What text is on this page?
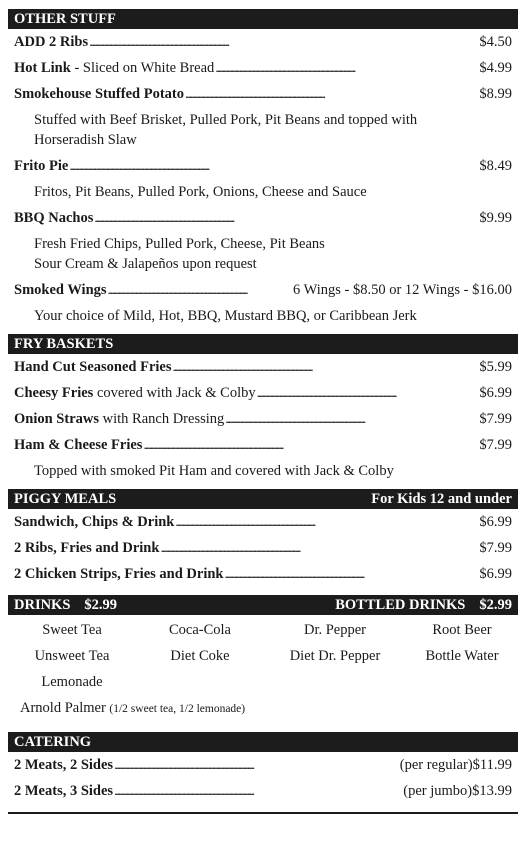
OTHER STUFF
ADD 2 Ribs . . .	$4.50
Hot Link - Sliced on White Bread . . .	$4.99
Smokehouse Stuffed Potato . . .	$8.99
Stuffed with Beef Brisket, Pulled Pork, Pit Beans and topped with
Horseradish Slaw
Frito Pie . . .	$8.49
Fritos, Pit Beans, Pulled Pork, Onions, Cheese and Sauce
BBQ Nachos . . .	$9.99
Fresh Fried Chips, Pulled Pork, Cheese, Pit Beans
Sour Cream & Jalapeños upon request
Smoked Wings . . .	6 Wings - $8.50 or 12 Wings - $16.00
Your choice of Mild, Hot, BBQ, Mustard BBQ, or Caribbean Jerk
FRY BASKETS
Hand Cut Seasoned Fries . . .	$5.99
Cheesy Fries covered with Jack & Colby . . .	$6.99
Onion Straws with Ranch Dressing . . .	$7.99
Ham & Cheese Fries . . .	$7.99
Topped with smoked Pit Ham and covered with Jack & Colby
PIGGY MEALS	For Kids 12 and under
Sandwich, Chips & Drink . . .	$6.99
2 Ribs, Fries and Drink . . .	$7.99
2 Chicken Strips, Fries and Drink . . .	$6.99
DRINKS $2.99	BOTTLED DRINKS $2.99
Sweet Tea	Coca-Cola	Dr. Pepper	Root Beer
Unsweet Tea	Diet Coke	Diet Dr. Pepper	Bottle Water
Lemonade
Arnold Palmer (1/2 sweet tea, 1/2 lemonade)
CATERING
2 Meats, 2 Sides . . .	(per regular)$11.99
2 Meats, 3 Sides . . .	(per jumbo)$13.99
